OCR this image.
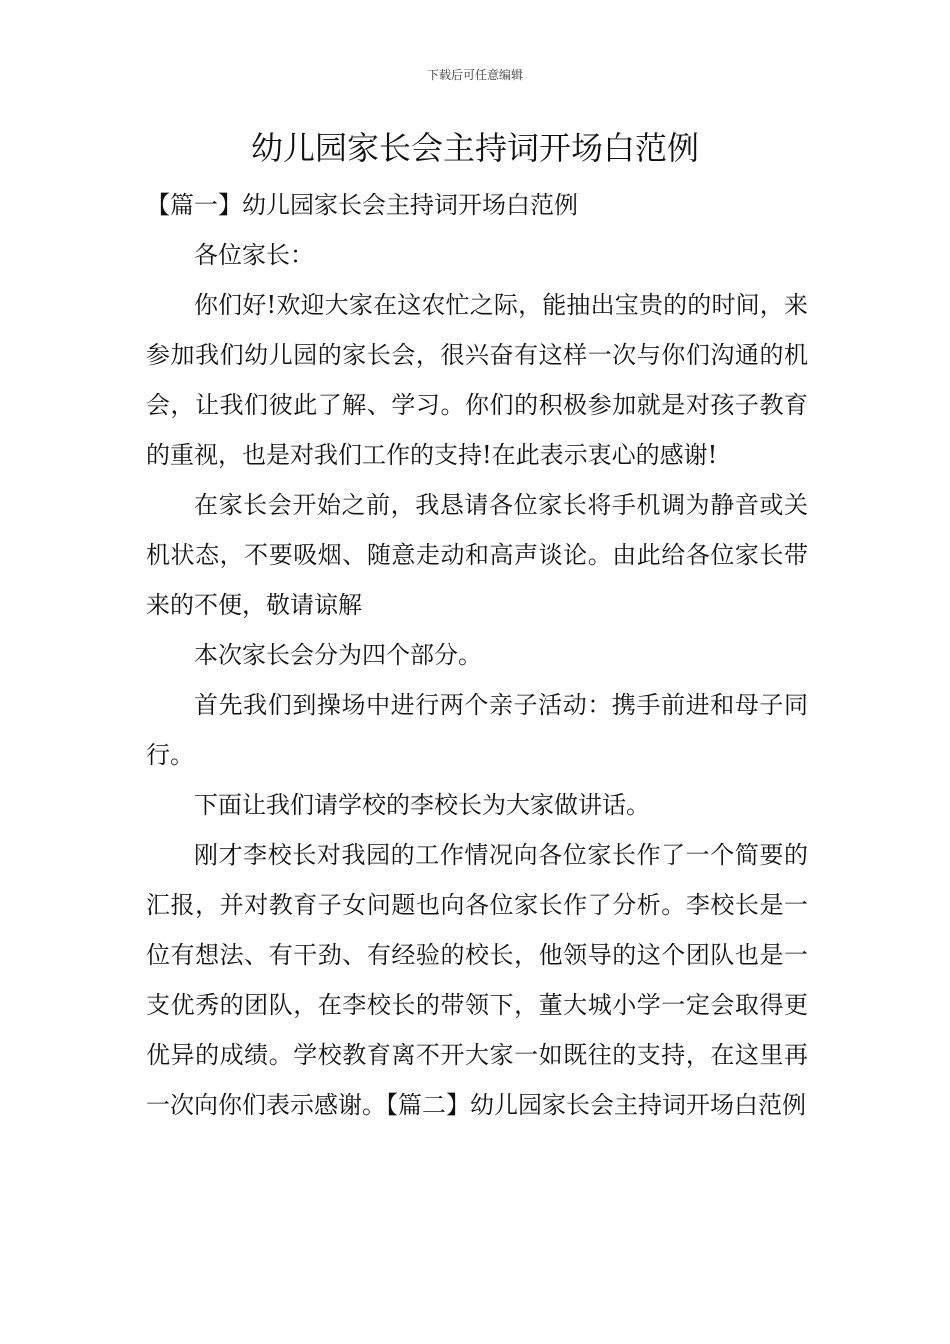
下载后可任意编辑
幼儿园家长会主持词开场白范例

【篇一】幼儿园家长会主持词开场白范例

各位家长：

你们好!欢迎大家在这农忙之际，能抽出宝贵的的时间，来参加我们幼儿园的家长会，很兴奋有这样一次与你们沟通的机会，让我们彼此了解、学习。你们的积极参加就是对孩子教育的重视，也是对我们工作的支持!在此表示衷心的感谢!

在家长会开始之前，我恳请各位家长将手机调为静音或关机状态，不要吸烟、随意走动和高声谈论。由此给各位家长带来的不便，敬请谅解

本次家长会分为四个部分。

首先我们到操场中进行两个亲子活动：携手前进和母子同行。

下面让我们请学校的李校长为大家做讲话。

刚才李校长对我园的工作情况向各位家长作了一个简要的汇报，并对教育子女问题也向各位家长作了分析。李校长是一位有想法、有干劲、有经验的校长，他领导的这个团队也是一支优秀的团队，在李校长的带领下，董大城小学一定会取得更优异的成绩。学校教育离不开大家一如既往的支持，在这里再一次向你们表示感谢。【篇二】幼儿园家长会主持词开场白范例
